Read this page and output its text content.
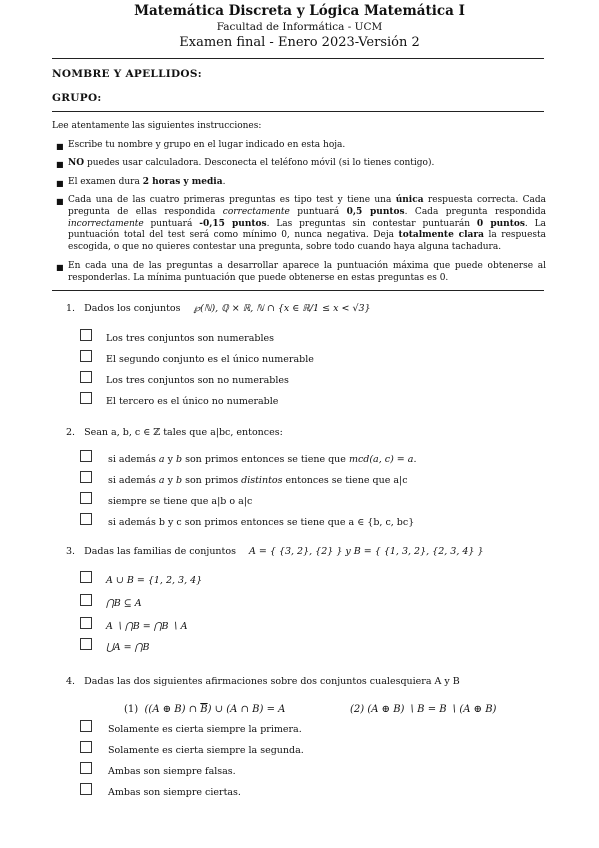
Matemática Discreta y Lógica Matemática I
Facultad de Informática - UCM
Examen final - Enero 2023-Versión 2
NOMBRE Y APELLIDOS:
GRUPO:
Lee atentamente las siguientes instrucciones:
■ Escribe tu nombre y grupo en el lugar indicado en esta hoja.
■ NO puedes usar calculadora. Desconecta el teléfono móvil (si lo tienes contigo).
■ El examen dura 2 horas y media.
■ Cada una de las cuatro primeras preguntas es tipo test y tiene una única respuesta correcta. Cada pregunta de ellas respondida correctamente puntuará 0,5 puntos. Cada pregunta respondida incorrectamente puntuará -0,15 puntos. Las preguntas sin contestar puntuarán 0 puntos. La puntuación total del test será como mínimo 0, nunca negativa. Deja totalmente clara la respuesta escogida, o que no quieres contestar una pregunta, sobre todo cuando haya alguna tachadura.
■ En cada una de las preguntas a desarrollar aparece la puntuación máxima que puede obtenerse al responderlas. La mínima puntuación que puede obtenerse en estas preguntas es 0.
1. Dados los conjuntos ℘(ℕ), ℚ × ℝ, ℕ ∩ {x ∈ ℝ/1 ≤ x < √3}
Los tres conjuntos son numerables
El segundo conjunto es el único numerable
Los tres conjuntos son no numerables
El tercero es el único no numerable
2. Sean a, b, c ∈ ℤ tales que a|bc, entonces:
si además a y b son primos entonces se tiene que mcd(a, c) = a.
si además a y b son primos distintos entonces se tiene que a|c
siempre se tiene que a|b o a|c
si además b y c son primos entonces se tiene que a ∈ {b, c, bc}
3. Dadas las familias de conjuntos A = { {3, 2}, {2} } y B = { {1, 3, 2}, {2, 3, 4} }
A ∪ B = {1, 2, 3, 4}
⋂B ⊆ A
A ∖ ⋂B = ⋂B ∖ A
⋃A = ⋂B
4. Dadas las dos siguientes afirmaciones sobre dos conjuntos cualesquiera A y B
(1) ((A ⊕ B) ∩ $\overline{B}$) ∪ (A ∩ B) = A	(2) (A ⊕ B) ∖ B = B ∖ (A ⊕ B)
Solamente es cierta siempre la primera.
Solamente es cierta siempre la segunda.
Ambas son siempre falsas.
Ambas son siempre ciertas.
